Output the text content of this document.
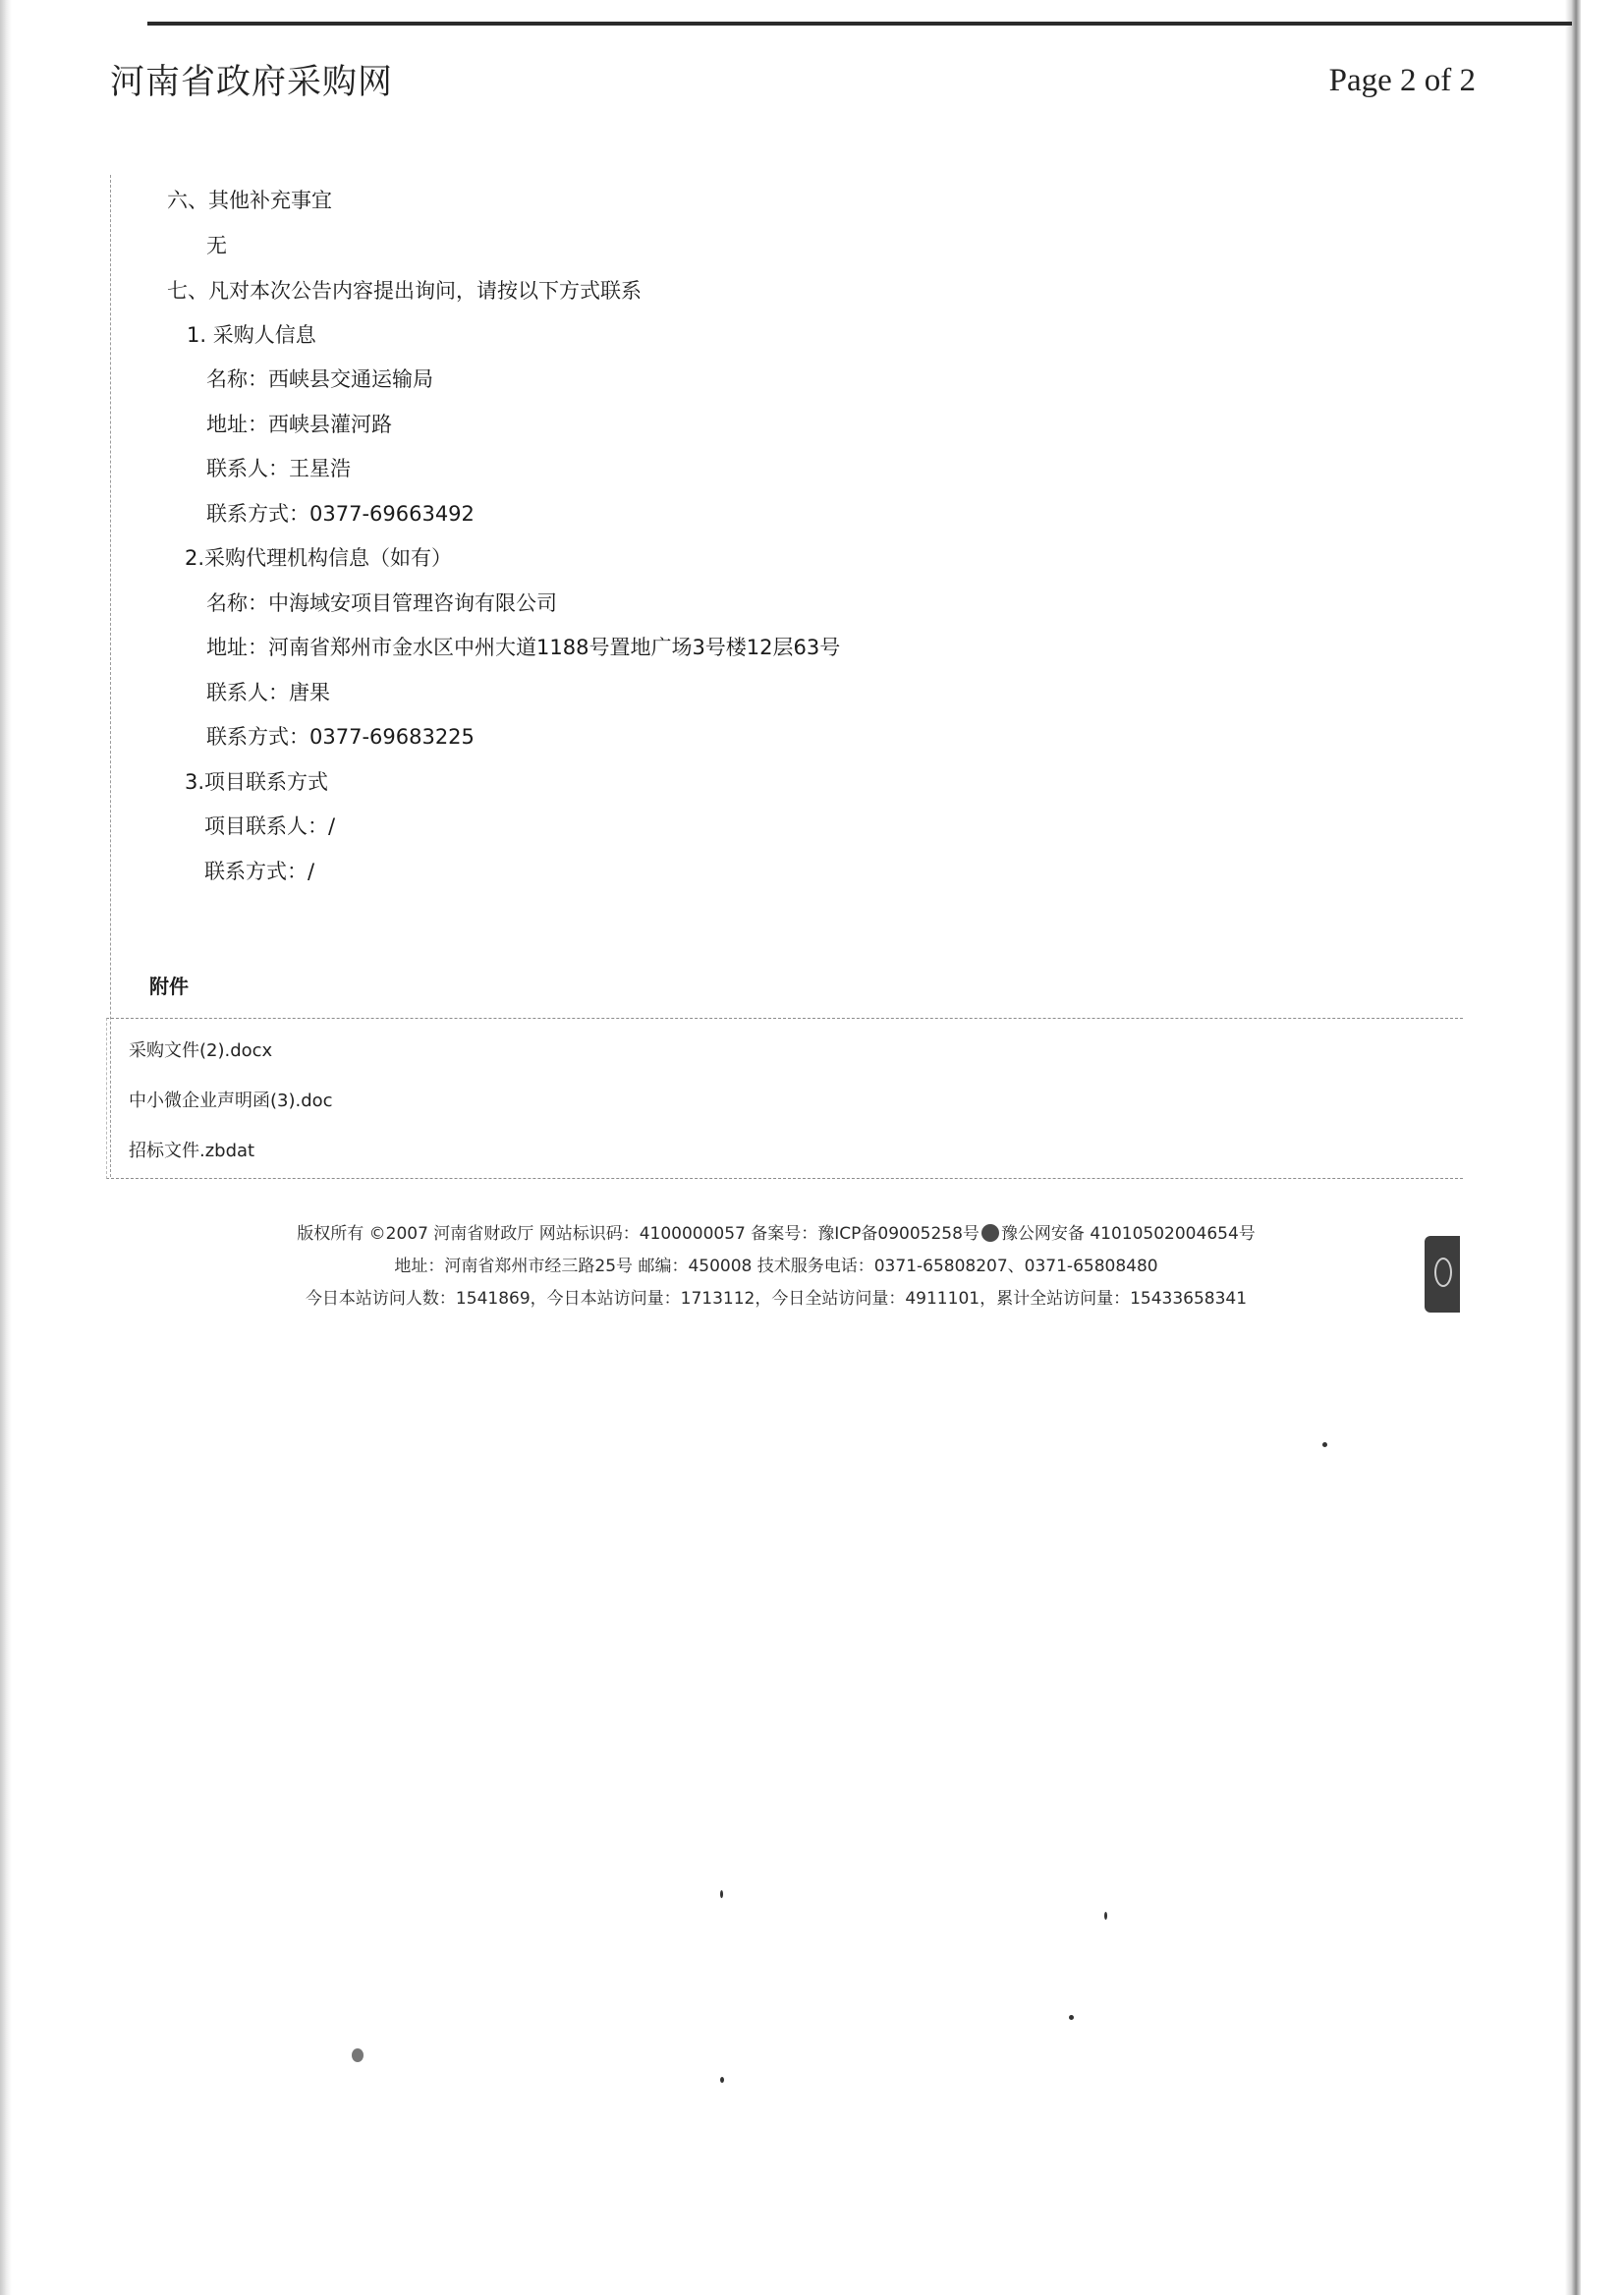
河南省政府采购网	Page 2 of 2
六、其他补充事宜
无
七、凡对本次公告内容提出询问，请按以下方式联系
1. 采购人信息
名称：西峡县交通运输局
地址：西峡县灌河路
联系人：王星浩
联系方式：0377-69663492
2.采购代理机构信息（如有）
名称：中海域安项目管理咨询有限公司
地址：河南省郑州市金水区中州大道1188号置地广场3号楼12层63号
联系人：唐果
联系方式：0377-69683225
3.项目联系方式
项目联系人：/
联系方式：/
附件
采购文件(2).docx
中小微企业声明函(3).doc
招标文件.zbdat
版权所有 ©2007 河南省财政厅 网站标识码：4100000057 备案号：豫ICP备09005258号 豫公网安备 41010502004654号
地址：河南省郑州市经三路25号 邮编：450008 技术服务电话：0371-65808207、0371-65808480
今日本站访问人数：1541869，今日本站访问量：1713112，今日全站访问量：4911101，累计全站访问量：15433658341
